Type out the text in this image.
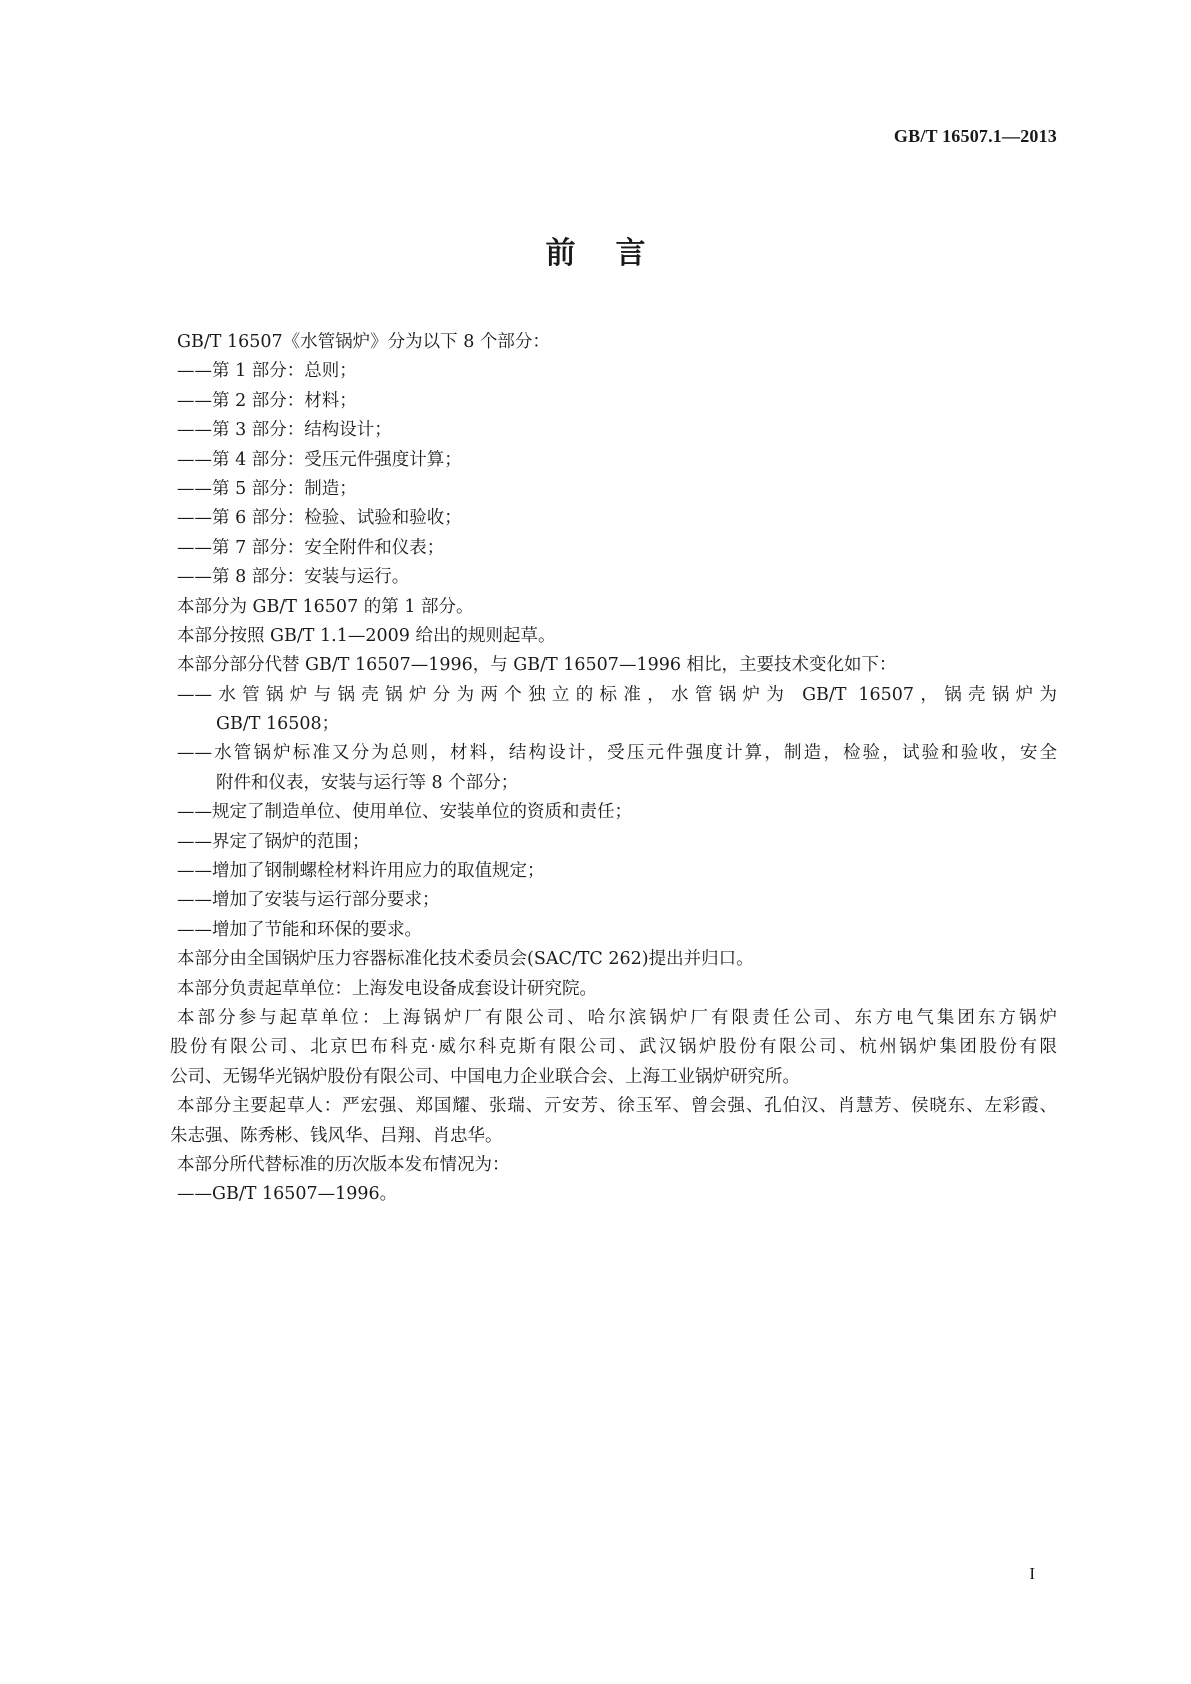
GB/T 16507.1—2013
前言

GB/T 16507《水管锅炉》分为以下 8 个部分：

——第 1 部分：总则；

——第 2 部分：材料；

——第 3 部分：结构设计；

——第 4 部分：受压元件强度计算；

——第 5 部分：制造；

——第 6 部分：检验、试验和验收；

——第 7 部分：安全附件和仪表；

——第 8 部分：安装与运行。

本部分为 GB/T 16507 的第 1 部分。

本部分按照 GB/T 1.1—2009 给出的规则起草。

本部分部分代替 GB/T 16507—1996，与 GB/T 16507—1996 相比，主要技术变化如下：

——水管锅炉与锅壳锅炉分为两个独立的标准，水管锅炉为 GB/T 16507，锅壳锅炉为

GB/T 16508；

——水管锅炉标准又分为总则，材料，结构设计，受压元件强度计算，制造，检验，试验和验收，安全

附件和仪表，安装与运行等 8 个部分；

——规定了制造单位、使用单位、安装单位的资质和责任；

——界定了锅炉的范围；

——增加了钢制螺栓材料许用应力的取值规定；

——增加了安装与运行部分要求；

——增加了节能和环保的要求。

本部分由全国锅炉压力容器标准化技术委员会(SAC/TC 262)提出并归口。

本部分负责起草单位：上海发电设备成套设计研究院。

本部分参与起草单位：上海锅炉厂有限公司、哈尔滨锅炉厂有限责任公司、东方电气集团东方锅炉

股份有限公司、北京巴布科克·威尔科克斯有限公司、武汉锅炉股份有限公司、杭州锅炉集团股份有限

公司、无锡华光锅炉股份有限公司、中国电力企业联合会、上海工业锅炉研究所。

本部分主要起草人：严宏强、郑国耀、张瑞、亓安芳、徐玉军、曾会强、孔伯汉、肖慧芳、侯晓东、左彩霞、

朱志强、陈秀彬、钱风华、吕翔、肖忠华。

本部分所代替标准的历次版本发布情况为：

——GB/T 16507—1996。

I
